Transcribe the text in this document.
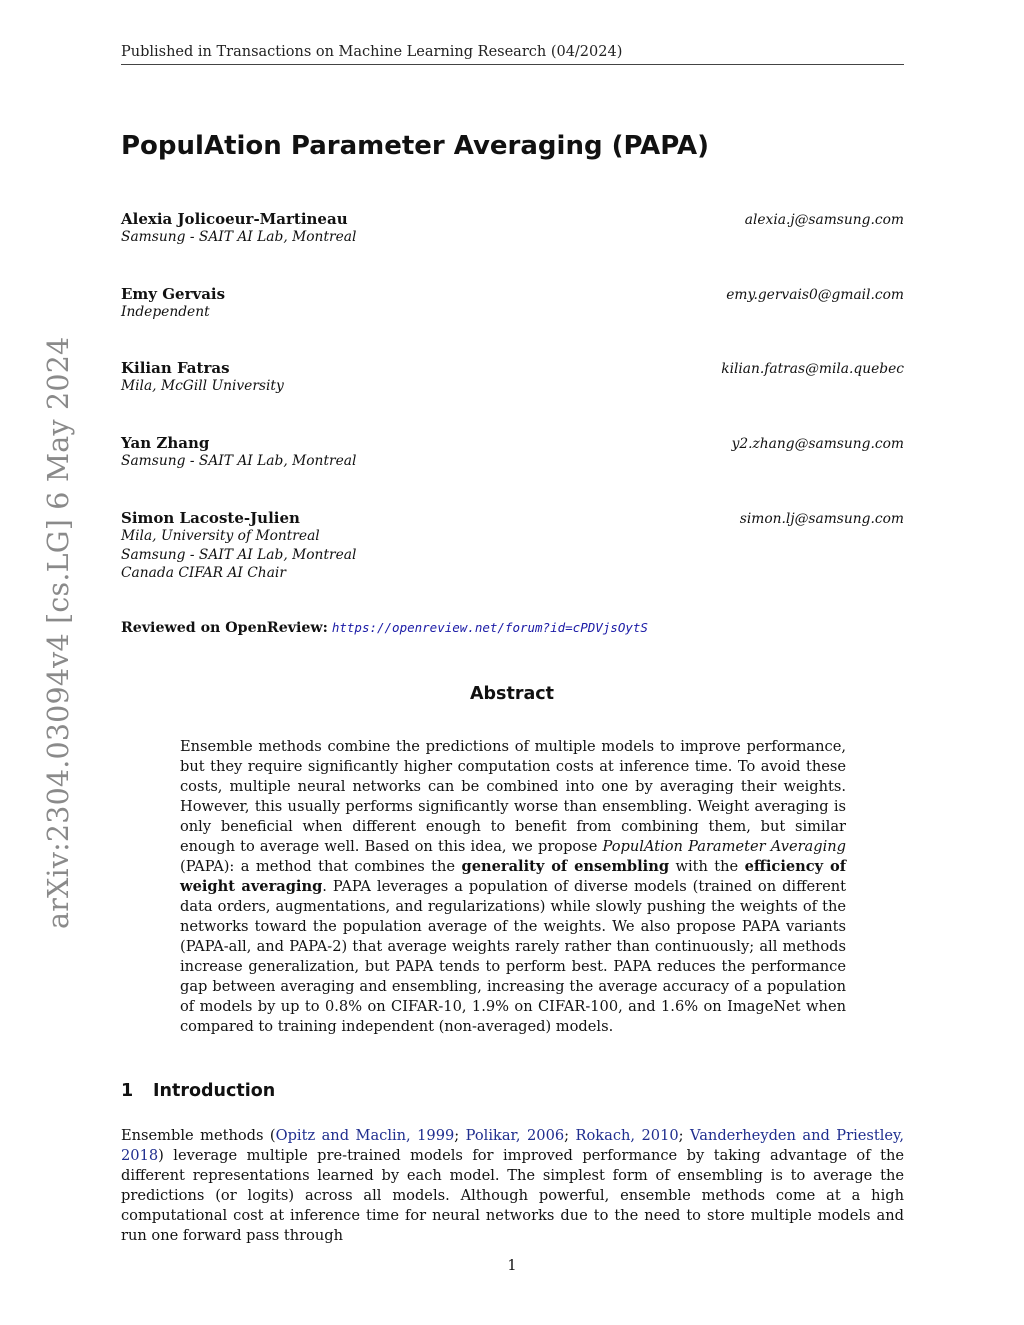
Published in Transactions on Machine Learning Research (04/2024)
arXiv:2304.03094v4 [cs.LG] 6 May 2024
PopulAtion Parameter Averaging (PAPA)
Alexia Jolicoeur-Martineau	alexia.j@samsung.com
Samsung - SAIT AI Lab, Montreal
Emy Gervais	emy.gervais0@gmail.com
Independent
Kilian Fatras	kilian.fatras@mila.quebec
Mila, McGill University
Yan Zhang	y2.zhang@samsung.com
Samsung - SAIT AI Lab, Montreal
Simon Lacoste-Julien	simon.lj@samsung.com
Mila, University of Montreal
Samsung - SAIT AI Lab, Montreal
Canada CIFAR AI Chair
Reviewed on OpenReview: https://openreview.net/forum?id=cPDVjsOytS
Abstract

Ensemble methods combine the predictions of multiple models to improve performance, but they require significantly higher computation costs at inference time. To avoid these costs, multiple neural networks can be combined into one by averaging their weights. However, this usually performs significantly worse than ensembling. Weight averaging is only beneficial when different enough to benefit from combining them, but similar enough to average well. Based on this idea, we propose PopulAtion Parameter Averaging (PAPA): a method that combines the generality of ensembling with the efficiency of weight averaging. PAPA leverages a population of diverse models (trained on different data orders, augmentations, and regularizations) while slowly pushing the weights of the networks toward the population average of the weights. We also propose PAPA variants (PAPA-all, and PAPA-2) that average weights rarely rather than continuously; all methods increase generalization, but PAPA tends to perform best. PAPA reduces the performance gap between averaging and ensembling, increasing the average accuracy of a population of models by up to 0.8% on CIFAR-10, 1.9% on CIFAR-100, and 1.6% on ImageNet when compared to training independent (non-averaged) models.

1 Introduction

Ensemble methods (Opitz and Maclin, 1999; Polikar, 2006; Rokach, 2010; Vanderheyden and Priestley, 2018) leverage multiple pre-trained models for improved performance by taking advantage of the different representations learned by each model. The simplest form of ensembling is to average the predictions (or logits) across all models. Although powerful, ensemble methods come at a high computational cost at inference time for neural networks due to the need to store multiple models and run one forward pass through

1
